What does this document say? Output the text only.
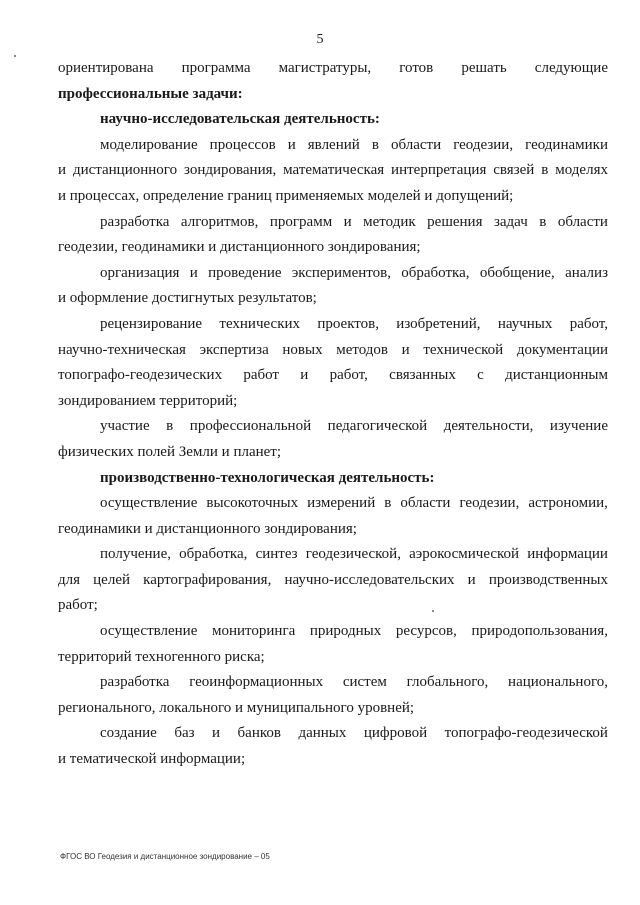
5
ориентирована программа магистратуры, готов решать следующие
профессиональные задачи:
научно-исследовательская деятельность:
моделирование процессов и явлений в области геодезии, геодинамики
и дистанционного зондирования, математическая интерпретация связей в моделях
и процессах, определение границ применяемых моделей и допущений;
разработка алгоритмов, программ и методик решения задач в области
геодезии, геодинамики и дистанционного зондирования;
организация и проведение экспериментов, обработка, обобщение, анализ
и оформление достигнутых результатов;
рецензирование технических проектов, изобретений, научных работ,
научно-техническая экспертиза новых методов и технической документации
топографо-геодезических работ и работ, связанных с дистанционным
зондированием территорий;
участие в профессиональной педагогической деятельности, изучение
физических полей Земли и планет;
производственно-технологическая деятельность:
осуществление высокоточных измерений в области геодезии, астрономии,
геодинамики и дистанционного зондирования;
получение, обработка, синтез геодезической, аэрокосмической информации
для целей картографирования, научно-исследовательских и производственных
работ;
осуществление мониторинга природных ресурсов, природопользования,
территорий техногенного риска;
разработка геоинформационных систем глобального, национального,
регионального, локального и муниципального уровней;
создание баз и банков данных цифровой топографо-геодезической
и тематической информации;
ФГОС ВО Геодезия и дистанционное зондирование – 05
